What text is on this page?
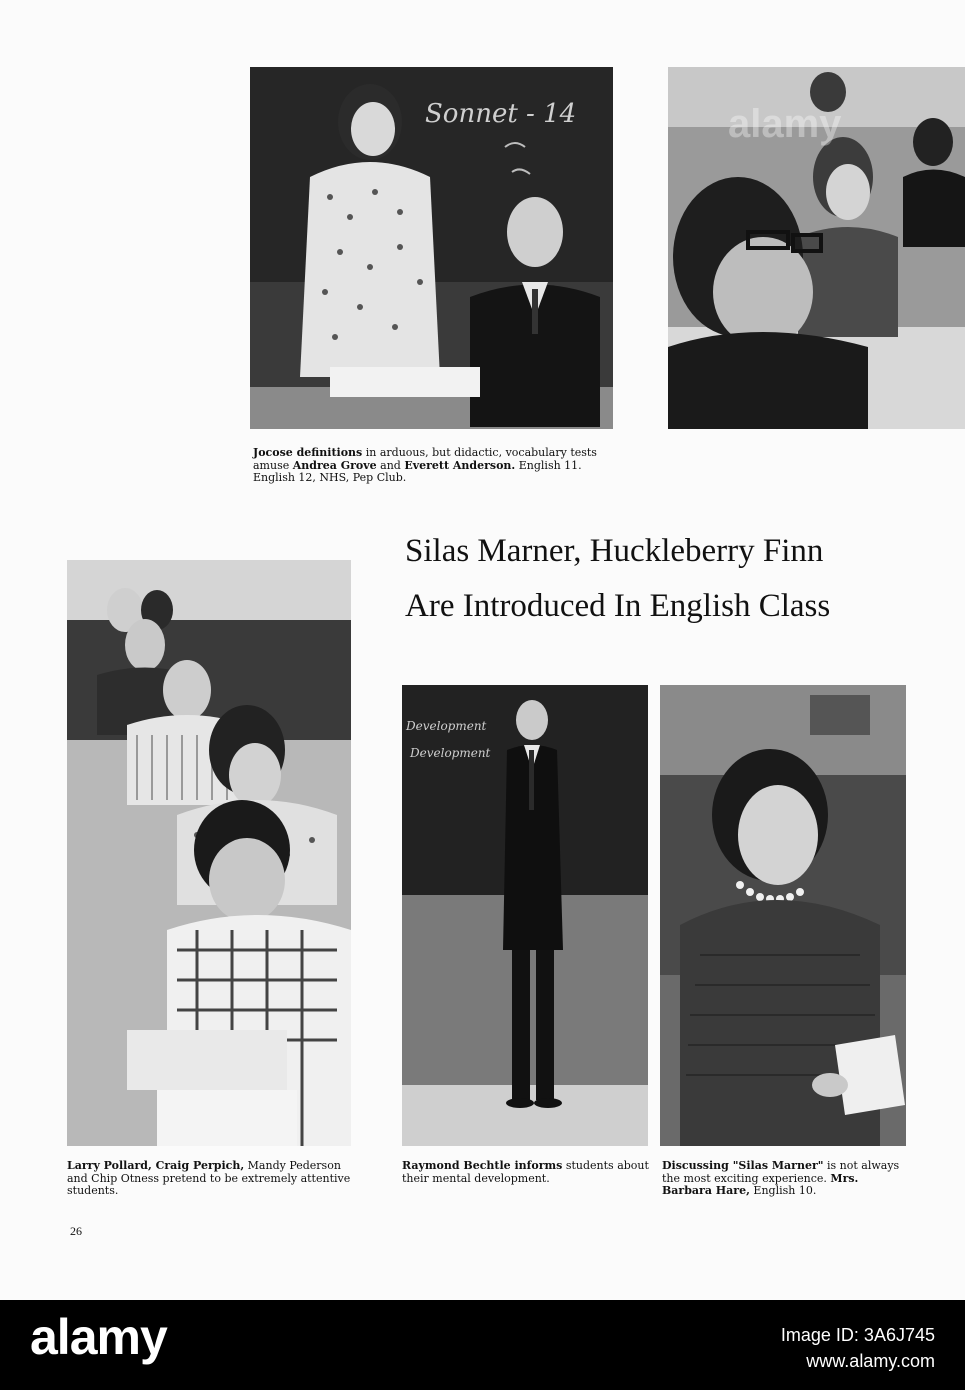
Sonnet - 14	alamy
Jocose definitions in arduous, but didactic, vocabulary tests amuse Andrea Grove and Everett Anderson. English 11. English 12, NHS, Pep Club.
Silas Marner, Huckleberry Finn
Are Introduced In English Class
Development
Development
Larry Pollard, Craig Perpich, Mandy Pederson and Chip Otness pretend to be extremely attentive students.
Raymond Bechtle informs students about their mental development.
Discussing "Silas Marner" is not always the most exciting experience. Mrs. Barbara Hare, English 10.
26
alamy	Image ID: 3A6J745
www.alamy.com
